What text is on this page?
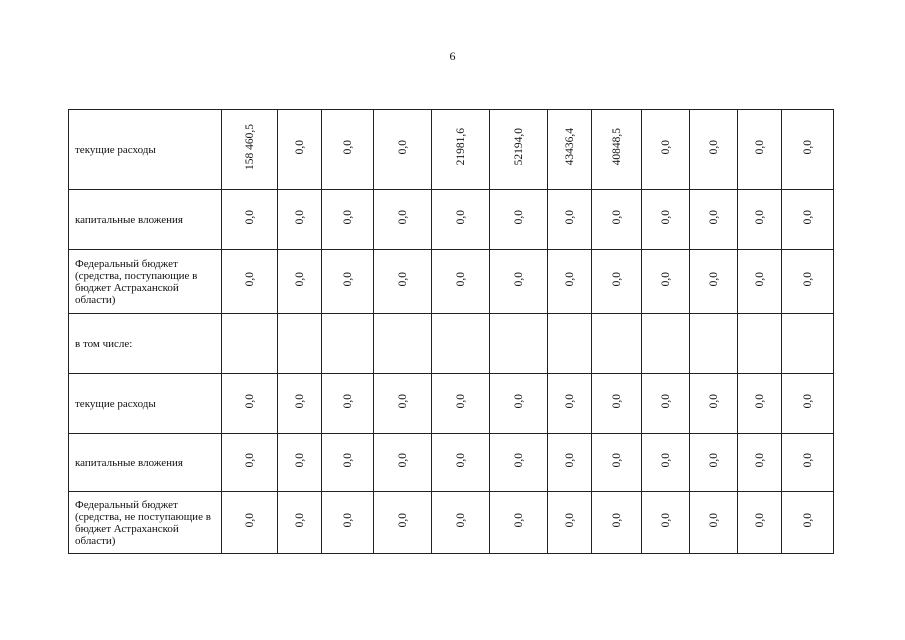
6
текущие расходы	158 460,5	0,0	0,0	0,0	21981,6	52194,0	43436,4	40848,5	0,0	0,0	0,0	0,0
капитальные вложения	0,0	0,0	0,0	0,0	0,0	0,0	0,0	0,0	0,0	0,0	0,0	0,0
Федеральный бюджет (средства, поступающие в бюджет Астраханской области)	0,0	0,0	0,0	0,0	0,0	0,0	0,0	0,0	0,0	0,0	0,0	0,0
в том числе:												
текущие расходы	0,0	0,0	0,0	0,0	0,0	0,0	0,0	0,0	0,0	0,0	0,0	0,0
капитальные вложения	0,0	0,0	0,0	0,0	0,0	0,0	0,0	0,0	0,0	0,0	0,0	0,0
Федеральный бюджет (средства, не поступающие в бюджет Астраханской области)	0,0	0,0	0,0	0,0	0,0	0,0	0,0	0,0	0,0	0,0	0,0	0,0
